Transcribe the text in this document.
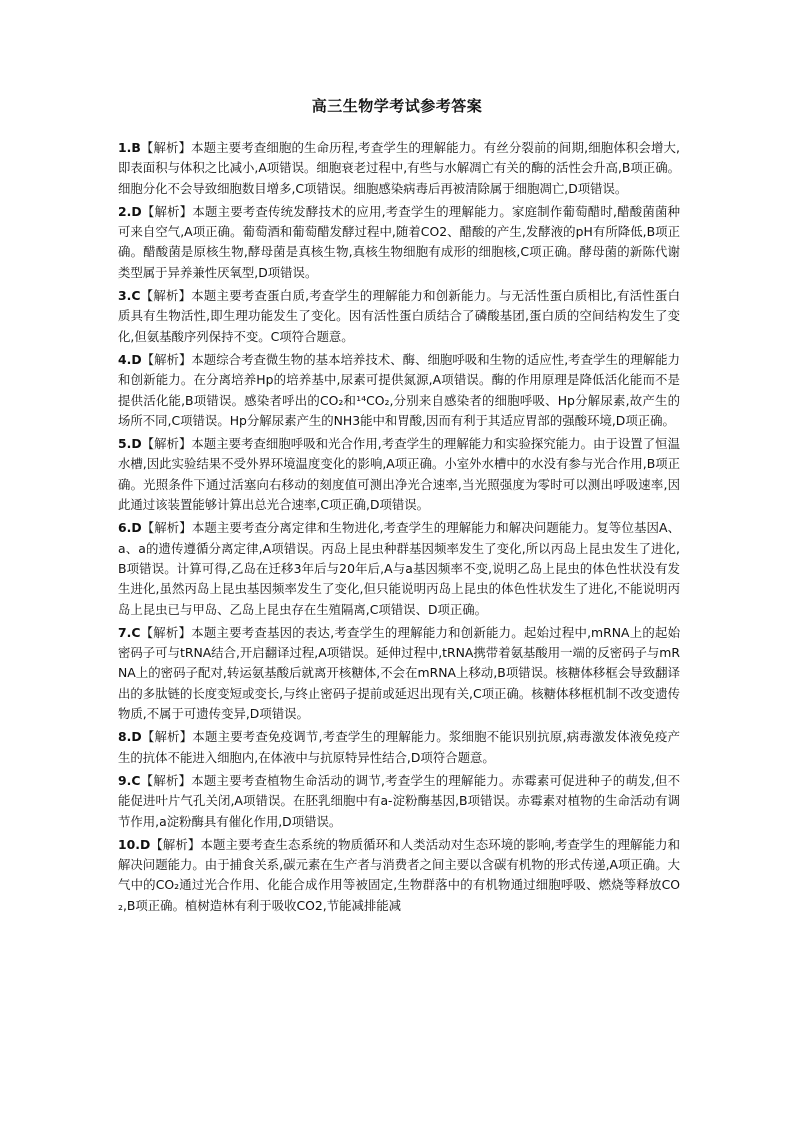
高三生物学考试参考答案

1.B【解析】本题主要考查细胞的生命历程,考查学生的理解能力。有丝分裂前的间期,细胞体积会增大,即表面积与体积之比减小,A项错误。细胞衰老过程中,有些与水解凋亡有关的酶的活性会升高,B项正确。细胞分化不会导致细胞数目增多,C项错误。细胞感染病毒后再被清除属于细胞凋亡,D项错误。

2.D【解析】本题主要考查传统发酵技术的应用,考查学生的理解能力。家庭制作葡萄醋时,醋酸菌菌种可来自空气,A项正确。葡萄酒和葡萄醋发酵过程中,随着CO2、醋酸的产生,发酵液的pH有所降低,B项正确。醋酸菌是原核生物,酵母菌是真核生物,真核生物细胞有成形的细胞核,C项正确。酵母菌的新陈代谢类型属于异养兼性厌氧型,D项错误。

3.C【解析】本题主要考查蛋白质,考查学生的理解能力和创新能力。与无活性蛋白质相比,有活性蛋白质具有生物活性,即生理功能发生了变化。因有活性蛋白质结合了磷酸基团,蛋白质的空间结构发生了变化,但氨基酸序列保持不变。C项符合题意。

4.D【解析】本题综合考查微生物的基本培养技术、酶、细胞呼吸和生物的适应性,考查学生的理解能力和创新能力。在分离培养Hp的培养基中,尿素可提供氮源,A项错误。酶的作用原理是降低活化能而不是提供活化能,B项错误。感染者呼出的CO₂和¹⁴CO₂,分别来自感染者的细胞呼吸、Hp分解尿素,故产生的场所不同,C项错误。Hp分解尿素产生的NH3能中和胃酸,因而有利于其适应胃部的强酸环境,D项正确。

5.D【解析】本题主要考查细胞呼吸和光合作用,考查学生的理解能力和实验探究能力。由于设置了恒温水槽,因此实验结果不受外界环境温度变化的影响,A项正确。小室外水槽中的水没有参与光合作用,B项正确。光照条件下通过活塞向右移动的刻度值可测出净光合速率,当光照强度为零时可以测出呼吸速率,因此通过该装置能够计算出总光合速率,C项正确,D项错误。

6.D【解析】本题主要考查分离定律和生物进化,考查学生的理解能力和解决问题能力。复等位基因A、a、a的遗传遵循分离定律,A项错误。丙岛上昆虫种群基因频率发生了变化,所以丙岛上昆虫发生了进化,B项错误。计算可得,乙岛在迁移3年后与20年后,A与a基因频率不变,说明乙岛上昆虫的体色性状没有发生进化,虽然丙岛上昆虫基因频率发生了变化,但只能说明丙岛上昆虫的体色性状发生了进化,不能说明丙岛上昆虫已与甲岛、乙岛上昆虫存在生殖隔离,C项错误、D项正确。

7.C【解析】本题主要考查基因的表达,考查学生的理解能力和创新能力。起始过程中,mRNA上的起始密码子可与tRNA结合,开启翻译过程,A项错误。延伸过程中,tRNA携带着氨基酸用一端的反密码子与mRNA上的密码子配对,转运氨基酸后就离开核糖体,不会在mRNA上移动,B项错误。核糖体移框会导致翻译出的多肽链的长度变短或变长,与终止密码子提前或延迟出现有关,C项正确。核糖体移框机制不改变遗传物质,不属于可遗传变异,D项错误。

8.D【解析】本题主要考查免疫调节,考查学生的理解能力。浆细胞不能识别抗原,病毒激发体液免疫产生的抗体不能进入细胞内,在体液中与抗原特异性结合,D项符合题意。

9.C【解析】本题主要考查植物生命活动的调节,考查学生的理解能力。赤霉素可促进种子的萌发,但不能促进叶片气孔关闭,A项错误。在胚乳细胞中有a-淀粉酶基因,B项错误。赤霉素对植物的生命活动有调节作用,a淀粉酶具有催化作用,D项错误。

10.D【解析】本题主要考查生态系统的物质循环和人类活动对生态环境的影响,考查学生的理解能力和解决问题能力。由于捕食关系,碳元素在生产者与消费者之间主要以含碳有机物的形式传递,A项正确。大气中的CO₂通过光合作用、化能合成作用等被固定,生物群落中的有机物通过细胞呼吸、燃烧等释放CO₂,B项正确。植树造林有利于吸收CO2,节能减排能减
